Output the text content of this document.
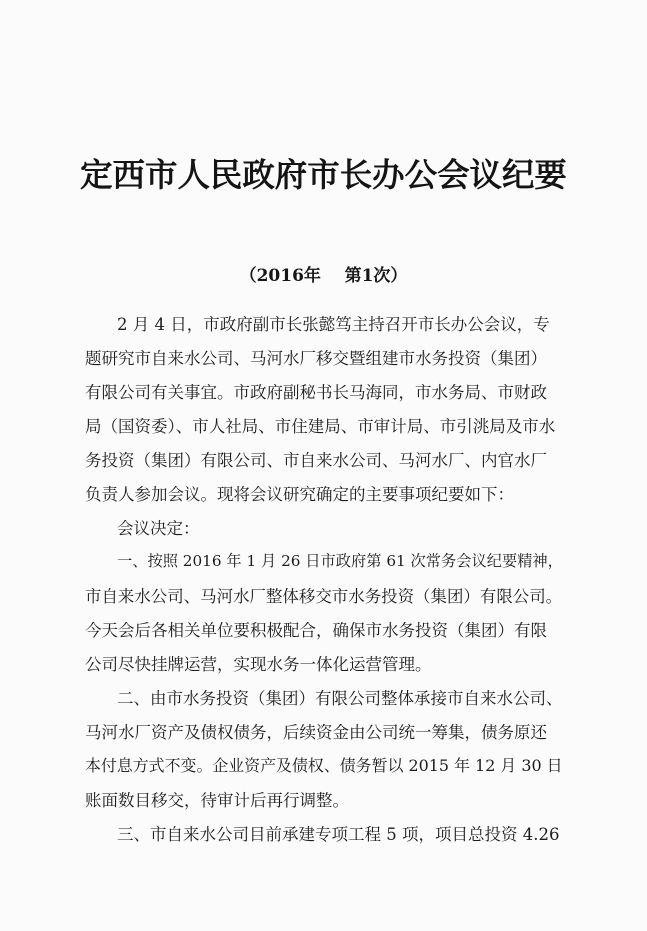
定西市人民政府市长办公会议纪要
（2016年    第1次）
2 月 4 日，市政府副市长张懿笃主持召开市长办公会议，专
题研究市自来水公司、马河水厂移交暨组建市水务投资（集团）
有限公司有关事宜。市政府副秘书长马海同，市水务局、市财政
局（国资委）、市人社局、市住建局、市审计局、市引洮局及市水
务投资（集团）有限公司、市自来水公司、马河水厂、内官水厂
负责人参加会议。现将会议研究确定的主要事项纪要如下：
会议决定：
一、按照 2016 年 1 月 26 日市政府第 61 次常务会议纪要精神，
市自来水公司、马河水厂整体移交市水务投资（集团）有限公司。
今天会后各相关单位要积极配合，确保市水务投资（集团）有限
公司尽快挂牌运营，实现水务一体化运营管理。
二、由市水务投资（集团）有限公司整体承接市自来水公司、
马河水厂资产及债权债务，后续资金由公司统一筹集，债务原还
本付息方式不变。企业资产及债权、债务暂以 2015 年 12 月 30 日
账面数目移交，待审计后再行调整。
三、市自来水公司目前承建专项工程 5 项，项目总投资 4.26
